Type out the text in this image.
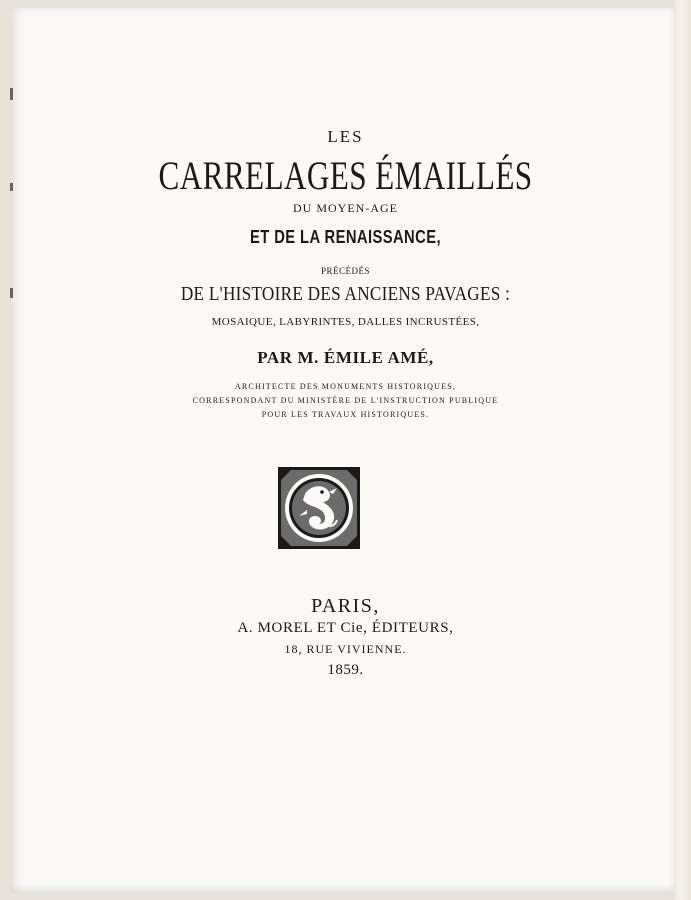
LES
CARRELAGES ÉMAILLÉS
DU MOYEN-AGE
ET DE LA RENAISSANCE,
PRÉCÉDÉS
DE L'HISTOIRE DES ANCIENS PAVAGES :
MOSAIQUE, LABYRINTES, DALLES INCRUSTÉES,
PAR M. ÉMILE AMÉ,
ARCHITECTE DES MONUMENTS HISTORIQUES,
CORRESPONDANT DU MINISTÈRE DE L'INSTRUCTION PUBLIQUE
POUR LES TRAVAUX HISTORIQUES.
PARIS,
A. MOREL ET Cie, ÉDITEURS,
18, RUE VIVIENNE.
1859.
